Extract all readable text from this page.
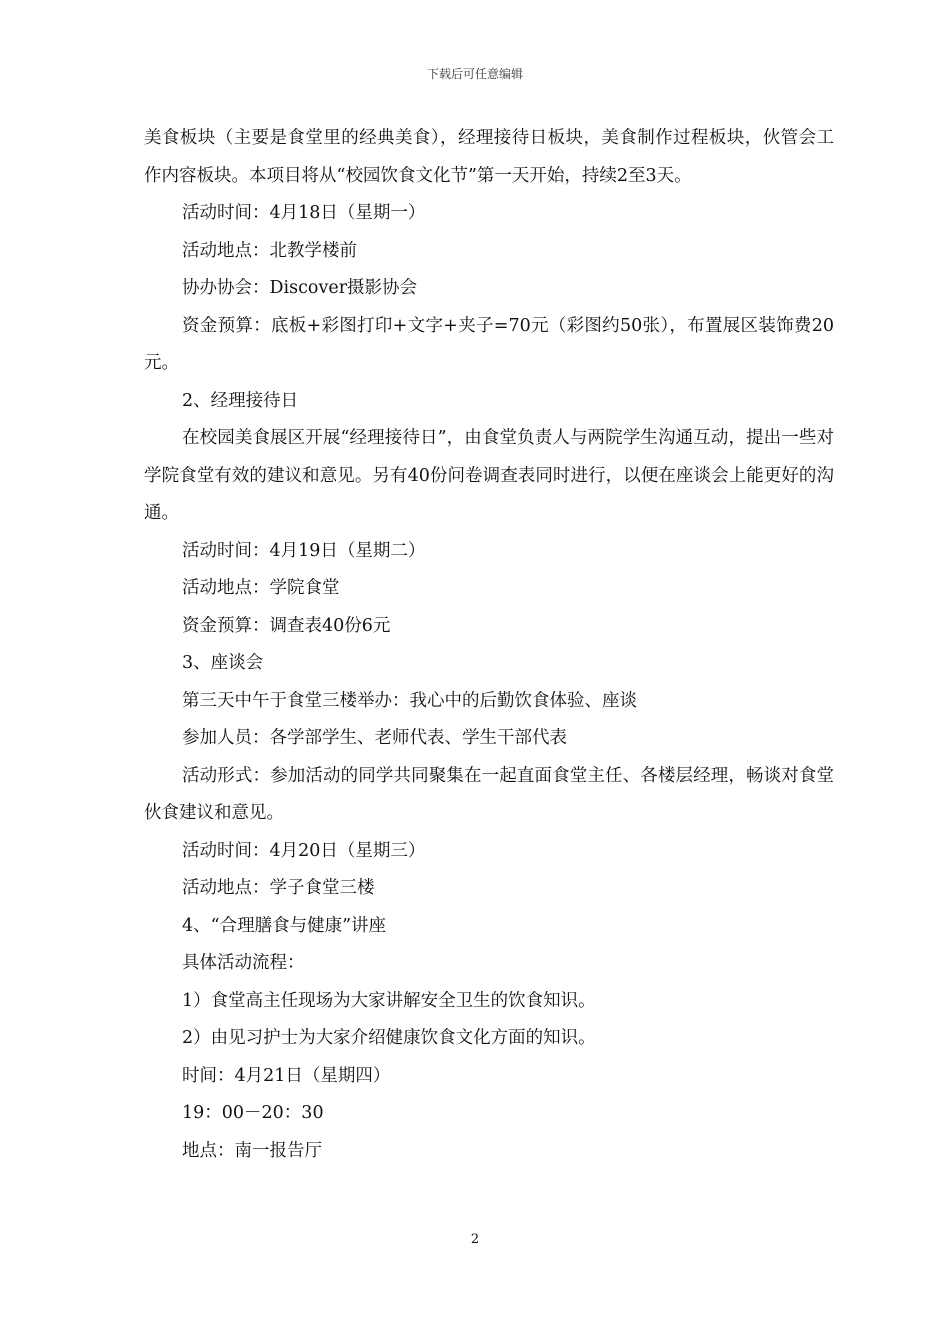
下载后可任意编辑

美食板块（主要是食堂里的经典美食），经理接待日板块，美食制作过程板块，伙管会工作内容板块。本项目将从“校园饮食文化节”第一天开始，持续2至3天。

活动时间：4月18日（星期一）

活动地点：北教学楼前

协办协会：Discover摄影协会

资金预算：底板+彩图打印+文字+夹子=70元（彩图约50张），布置展区装饰费20元。

2、经理接待日

在校园美食展区开展“经理接待日”，由食堂负责人与两院学生沟通互动，提出一些对学院食堂有效的建议和意见。另有40份问卷调查表同时进行，以便在座谈会上能更好的沟通。

活动时间：4月19日（星期二）

活动地点：学院食堂

资金预算：调查表40份6元

3、座谈会

第三天中午于食堂三楼举办：我心中的后勤饮食体验、座谈

参加人员：各学部学生、老师代表、学生干部代表

活动形式：参加活动的同学共同聚集在一起直面食堂主任、各楼层经理，畅谈对食堂伙食建议和意见。

活动时间：4月20日（星期三）

活动地点：学子食堂三楼

4、“合理膳食与健康”讲座

具体活动流程：

1）食堂高主任现场为大家讲解安全卫生的饮食知识。

2）由见习护士为大家介绍健康饮食文化方面的知识。

时间：4月21日（星期四）

19：00－20：30

地点：南一报告厅

2
